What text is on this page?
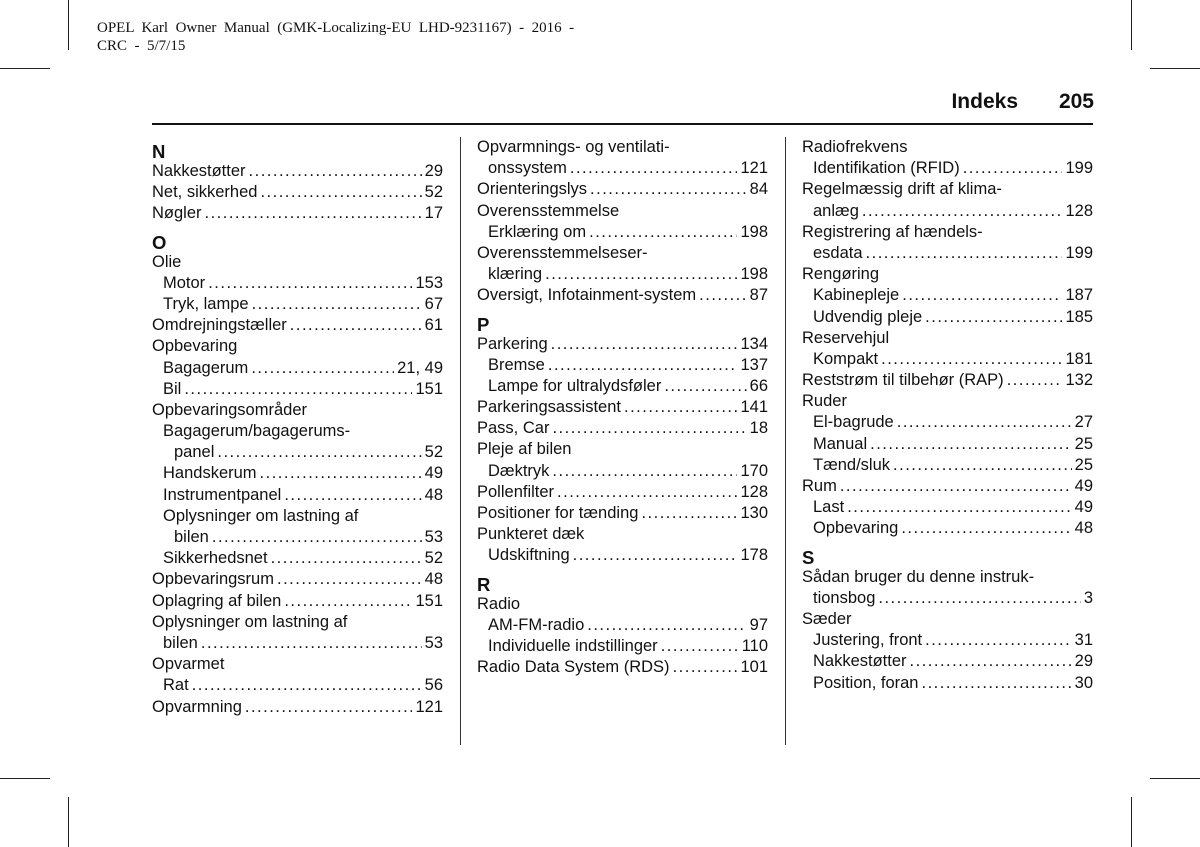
OPEL  Karl  Owner  Manual  (GMK-Localizing-EU  LHD-9231167)  -  2016  -
CRC  -  5/7/15
Indeks 205
N
Nakkestøtter .....	29
Net, sikkerhed .....	52
Nøgler .....	17
O
Olie
Motor .....	153
Tryk, lampe .....	67
Omdrejningstæller .....	61
Opbevaring
Bagagerum .....	21, 49
Bil .....	151
Opbevaringsområder
Bagagerum/bagagerums-
panel .....	52
Handskerum .....	49
Instrumentpanel .....	48
Oplysninger om lastning af
bilen .....	53
Sikkerhedsnet .....	52
Opbevaringsrum .....	48
Oplagring af bilen .....	151
Oplysninger om lastning af
bilen .....	53
Opvarmet
Rat .....	56
Opvarmning .....	121
Opvarmnings- og ventilati-
onssystem .....	121
Orienteringslys .....	84
Overensstemmelse
Erklæring om .....	198
Overensstemmelseser-
klæring .....	198
Oversigt, Infotainment-system .....	87
P
Parkering .....	134
Bremse .....	137
Lampe for ultralydsføler .....	66
Parkeringsassistent .....	141
Pass, Car .....	18
Pleje af bilen
Dæktryk .....	170
Pollenfilter .....	128
Positioner for tænding .....	130
Punkteret dæk
Udskiftning .....	178
R
Radio
AM-FM-radio .....	97
Individuelle indstillinger .....	110
Radio Data System (RDS) .....	101
Radiofrekvens
Identifikation (RFID) .....	199
Regelmæssig drift af klima-
anlæg .....	128
Registrering af hændels-
esdata .....	199
Rengøring
Kabinepleje .....	187
Udvendig pleje .....	185
Reservehjul
Kompakt .....	181
Reststrøm til tilbehør (RAP) .....	132
Ruder
El-bagrude .....	27
Manual .....	25
Tænd/sluk .....	25
Rum .....	49
Last .....	49
Opbevaring .....	48
S
Sådan bruger du denne instruk-
tionsbog .....	3
Sæder
Justering, front .....	31
Nakkestøtter .....	29
Position, foran .....	30
